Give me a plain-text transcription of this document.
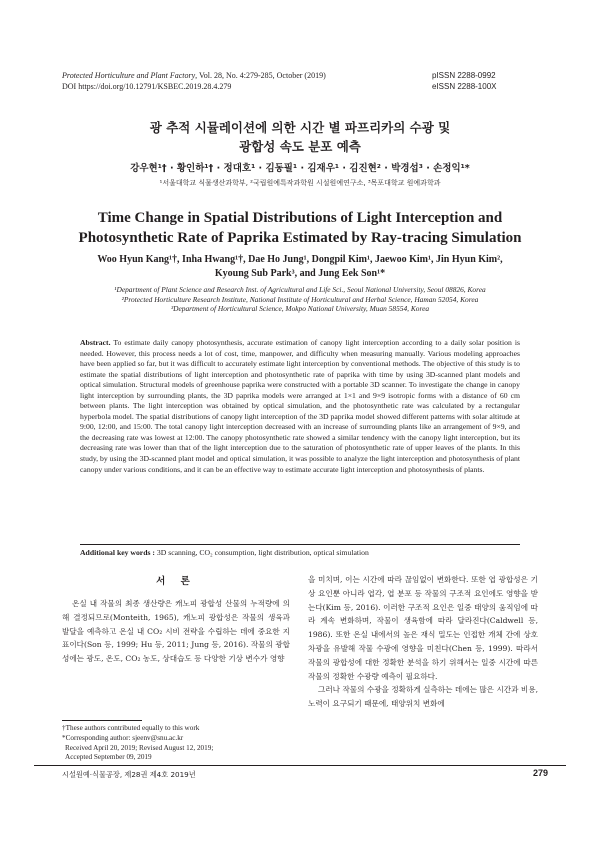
Protected Horticulture and Plant Factory, Vol. 28, No. 4:279-285, October (2019)
DOI https://doi.org/10.12791/KSBEC.2019.28.4.279
pISSN 2288-0992
eISSN 2288-100X
광 추적 시뮬레이션에 의한 시간 별 파프리카의 수광 및
광합성 속도 분포 예측
강우현¹† · 황인하¹† · 정대호¹ · 김동필¹ · 김재우¹ · 김진현² · 박경섭³ · 손정익¹*
¹서울대학교 식물생산과학부, ²국립원예특작과학원 시설원예연구소, ³목포대학교 원예과학과
Time Change in Spatial Distributions of Light Interception and
Photosynthetic Rate of Paprika Estimated by Ray-tracing Simulation
Woo Hyun Kang¹†, Inha Hwang¹†, Dae Ho Jung¹, Dongpil Kim¹, Jaewoo Kim¹, Jin Hyun Kim²,
Kyoung Sub Park³, and Jung Eek Son¹*
¹Department of Plant Science and Research Inst. of Agricultural and Life Sci., Seoul National University, Seoul 08826, Korea
²Protected Horticulture Research Institute, National Institute of Horticultural and Herbal Science, Haman 52054, Korea
³Department of Horticultural Science, Mokpo National University, Muan 58554, Korea
Abstract. To estimate daily canopy photosynthesis, accurate estimation of canopy light interception according to a daily solar position is needed. However, this process needs a lot of cost, time, manpower, and difficulty when measuring manually. Various modeling approaches have been applied so far, but it was difficult to accurately estimate light interception by conventional methods. The objective of this study is to estimate the spatial distributions of light interception and photosynthetic rate of paprika with time by using 3D-scanned plant models and optical simulation. Structural models of greenhouse paprika were constructed with a portable 3D scanner. To investigate the change in canopy light interception by surrounding plants, the 3D paprika models were arranged at 1×1 and 9×9 isotropic forms with a distance of 60 cm between plants. The light interception was obtained by optical simulation, and the photosynthetic rate was calculated by a rectangular hyperbola model. The spatial distributions of canopy light interception of the 3D paprika model showed different patterns with solar altitude at 9:00, 12:00, and 15:00. The total canopy light interception decreased with an increase of surrounding plants like an arrangement of 9×9, and the decreasing rate was lowest at 12:00. The canopy photosynthetic rate showed a similar tendency with the canopy light interception, but its decreasing rate was lower than that of the light interception due to the saturation of photosynthetic rate of upper leaves of the plants. In this study, by using the 3D-scanned plant model and optical simulation, it was possible to analyze the light interception and photosynthesis of plant canopy under various conditions, and it can be an effective way to estimate accurate light interception and photosynthesis of plants.
Additional key words : 3D scanning, CO₂ consumption, light distribution, optical simulation
서 론

온실 내 작물의 최종 생산량은 캐노피 광합성 산물의 누적량에 의해 결정되므로(Monteith, 1965), 캐노피 광합성은 작물의 생육과 발달을 예측하고 온실 내 CO₂ 시비 전략을 수립하는 데에 중요한 지표이다(Son 등, 1999; Hu 등, 2011; Jung 등, 2016). 작물의 광합성에는 광도, 온도, CO₂ 농도, 상대습도 등 다양한 기상 변수가 영향

을 미치며, 이는 시간에 따라 끊임없이 변화한다. 또한 엽 광합성은 기상 요인뿐 아니라 엽각, 엽 분포 등 작물의 구조적 요인에도 영향을 받는다(Kim 등, 2016). 이러한 구조적 요인은 일중 태양의 움직임에 따라 계속 변화하며, 작물이 생육함에 따라 달라진다(Caldwell 등, 1986). 또한 온실 내에서의 높은 재식 밀도는 인접한 개체 간에 상호 차광을 유발해 작물 수광에 영향을 미친다(Chen 등, 1999). 따라서 작물의 광합성에 대한 정확한 분석을 하기 위해서는 일중 시간에 따른 작물의 정확한 수광량 예측이 필요하다.

그러나 작물의 수광을 정확하게 실측하는 데에는 많은 시간과 비용, 노력이 요구되기 때문에, 태양위치 변화에

†These authors contributed equally to this work
*Corresponding author: sjeenv@snu.ac.kr
Received April 20, 2019; Revised August 12, 2019;
Accepted September 09, 2019
시설원예·식물공장, 제28권 제4호 2019년	279
